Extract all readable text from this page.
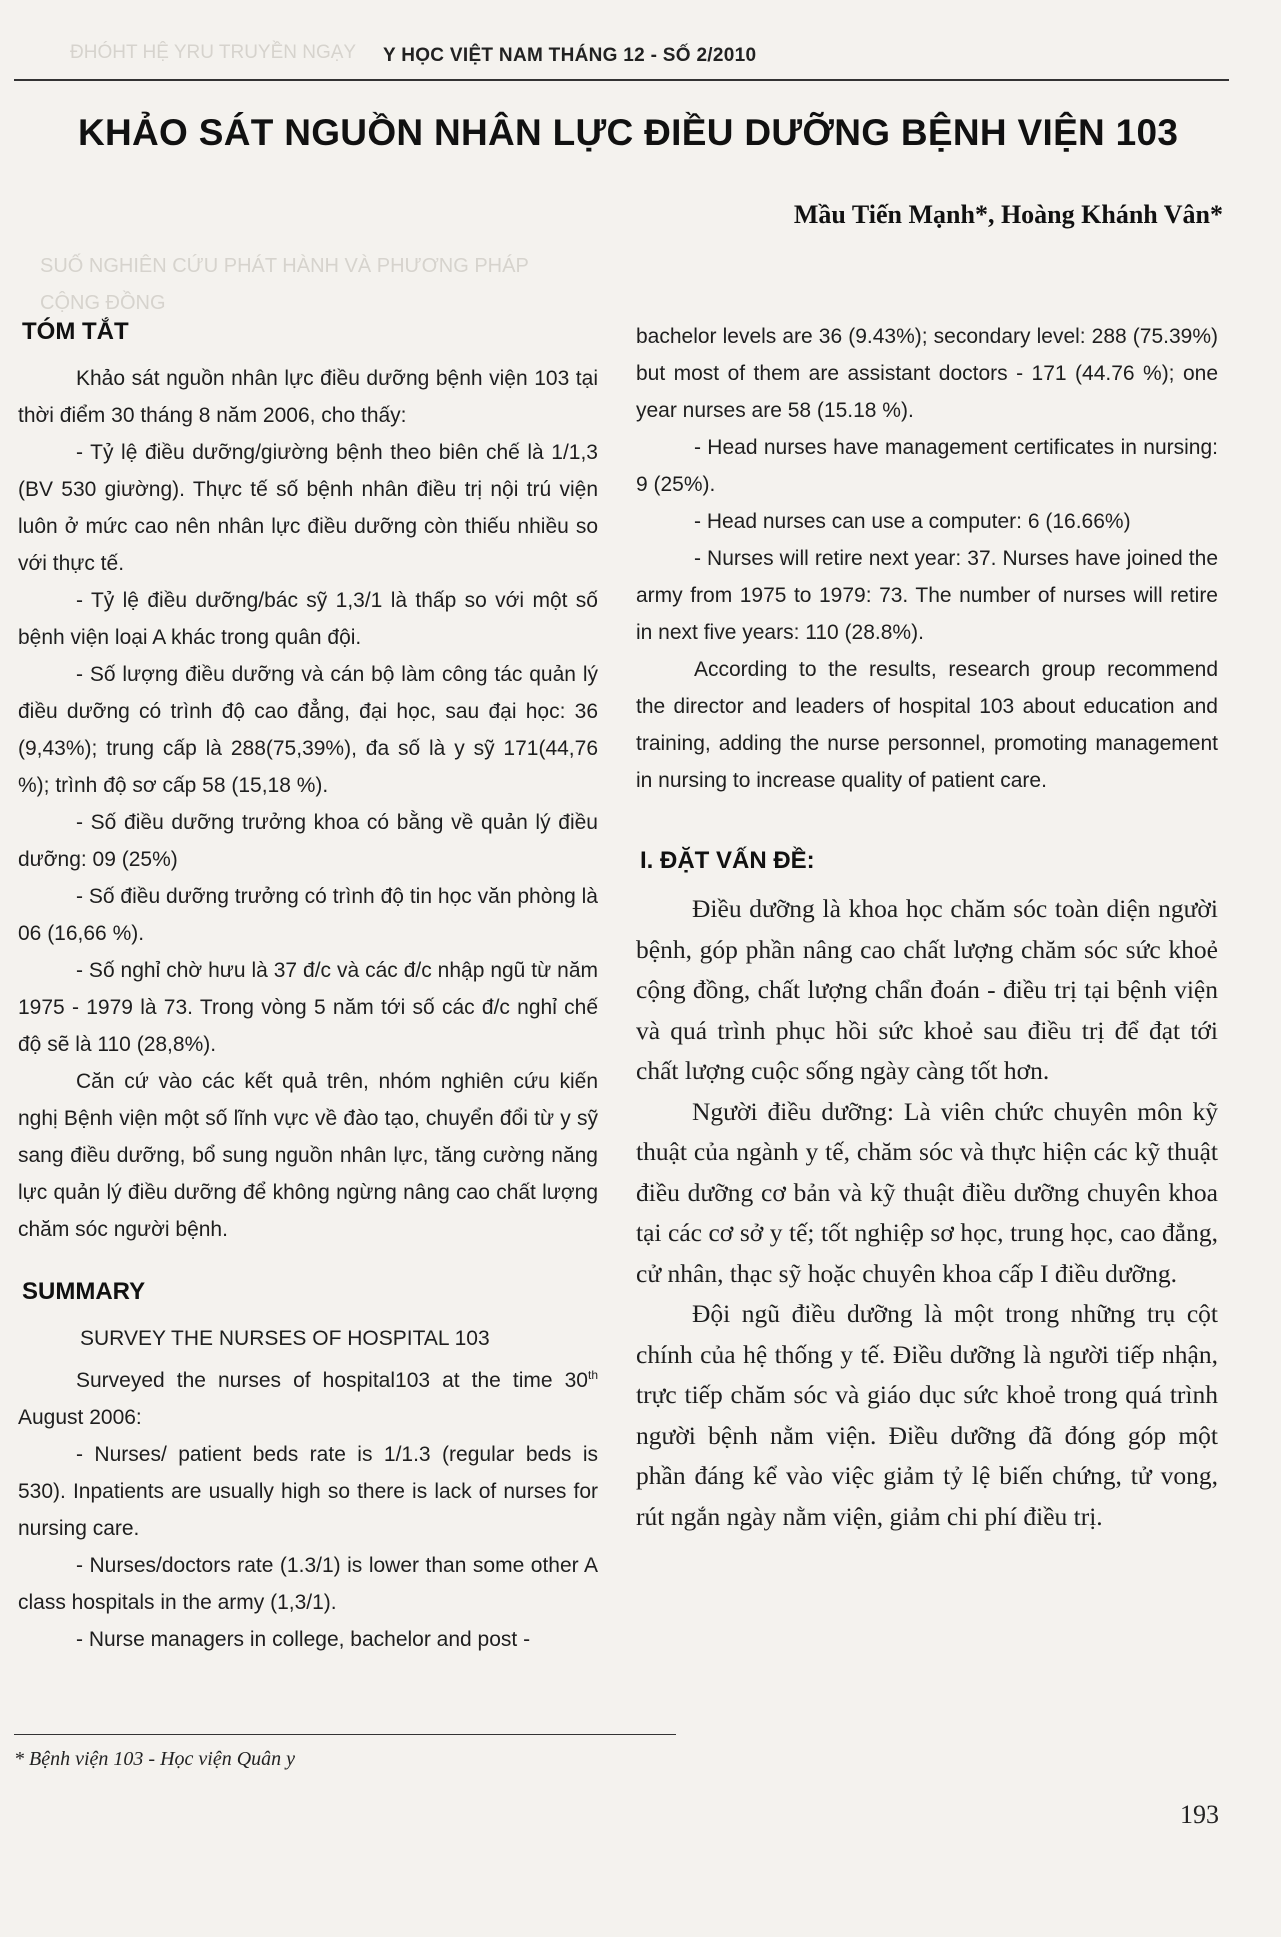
ĐHÓHT HỆ YRU TRUYỀN NGẠY
SUỐ NGHIÊN CỨU PHÁT HÀNH VÀ PHƯƠNG PHÁP
CỘNG ĐỒNG
Y HỌC VIỆT NAM THÁNG 12 - SỐ 2/2010
KHẢO SÁT NGUỒN NHÂN LỰC ĐIỀU DƯỠNG BỆNH VIỆN 103
Mầu Tiến Mạnh*, Hoàng Khánh Vân*
TÓM TẮT

Khảo sát nguồn nhân lực điều dưỡng bệnh viện 103 tại thời điểm 30 tháng 8 năm 2006, cho thấy:

- Tỷ lệ điều dưỡng/giường bệnh theo biên chế là 1/1,3 (BV 530 giường). Thực tế số bệnh nhân điều trị nội trú viện luôn ở mức cao nên nhân lực điều dưỡng còn thiếu nhiều so với thực tế.

- Tỷ lệ điều dưỡng/bác sỹ 1,3/1 là thấp so với một số bệnh viện loại A khác trong quân đội.

- Số lượng điều dưỡng và cán bộ làm công tác quản lý điều dưỡng có trình độ cao đẳng, đại học, sau đại học: 36 (9,43%); trung cấp là 288(75,39%), đa số là y sỹ 171(44,76 %); trình độ sơ cấp 58 (15,18 %).

- Số điều dưỡng trưởng khoa có bằng về quản lý điều dưỡng: 09 (25%)

- Số điều dưỡng trưởng có trình độ tin học văn phòng là 06 (16,66 %).

- Số nghỉ chờ hưu là 37 đ/c và các đ/c nhập ngũ từ năm 1975 - 1979 là 73. Trong vòng 5 năm tới số các đ/c nghỉ chế độ sẽ là 110 (28,8%).

Căn cứ vào các kết quả trên, nhóm nghiên cứu kiến nghị Bệnh viện một số lĩnh vực về đào tạo, chuyển đổi từ y sỹ sang điều dưỡng, bổ sung nguồn nhân lực, tăng cường năng lực quản lý điều dưỡng để không ngừng nâng cao chất lượng chăm sóc người bệnh.

SUMMARY

SURVEY THE NURSES OF HOSPITAL 103

Surveyed the nurses of hospital103 at the time 30th August 2006:

- Nurses/ patient beds rate is 1/1.3 (regular beds is 530). Inpatients are usually high so there is lack of nurses for nursing care.

- Nurses/doctors rate (1.3/1) is lower than some other A class hospitals in the army (1,3/1).

- Nurse managers in college, bachelor and post -

bachelor levels are 36 (9.43%); secondary level: 288 (75.39%) but most of them are assistant doctors - 171 (44.76 %); one year nurses are 58 (15.18 %).

- Head nurses have management certificates in nursing: 9 (25%).

- Head nurses can use a computer: 6 (16.66%)

- Nurses will retire next year: 37. Nurses have joined the army from 1975 to 1979: 73. The number of nurses will retire in next five years: 110 (28.8%).

According to the results, research group recommend the director and leaders of hospital 103 about education and training, adding the nurse personnel, promoting management in nursing to increase quality of patient care.

I. ĐẶT VẤN ĐỀ:

Điều dưỡng là khoa học chăm sóc toàn diện người bệnh, góp phần nâng cao chất lượng chăm sóc sức khoẻ cộng đồng, chất lượng chẩn đoán - điều trị tại bệnh viện và quá trình phục hồi sức khoẻ sau điều trị để đạt tới chất lượng cuộc sống ngày càng tốt hơn.

Người điều dưỡng: Là viên chức chuyên môn kỹ thuật của ngành y tế, chăm sóc và thực hiện các kỹ thuật điều dưỡng cơ bản và kỹ thuật điều dưỡng chuyên khoa tại các cơ sở y tế; tốt nghiệp sơ học, trung học, cao đẳng, cử nhân, thạc sỹ hoặc chuyên khoa cấp I điều dưỡng.

Đội ngũ điều dưỡng là một trong những trụ cột chính của hệ thống y tế. Điều dưỡng là người tiếp nhận, trực tiếp chăm sóc và giáo dục sức khoẻ trong quá trình người bệnh nằm viện. Điều dưỡng đã đóng góp một phần đáng kể vào việc giảm tỷ lệ biến chứng, tử vong, rút ngắn ngày nằm viện, giảm chi phí điều trị.

* Bệnh viện 103 - Học viện Quân y
193
